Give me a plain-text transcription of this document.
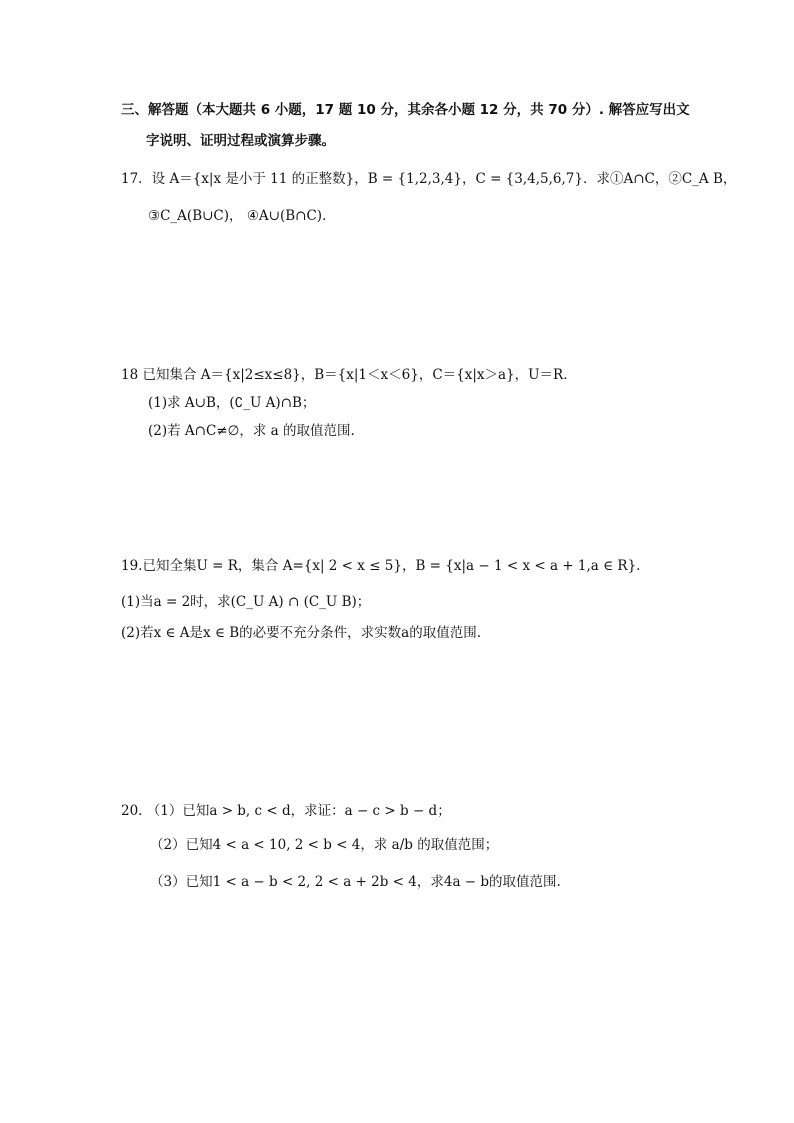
三、解答题（本大题共 6 小题，17 题 10 分，其余各小题 12 分，共 70 分）. 解答应写出文
字说明、证明过程或演算步骤。
17．设 A＝{x|x 是小于 11 的正整数}，B = {1,2,3,4}，C = {3,4,5,6,7}．求①A∩C，②C_A B，
③C_A(B∪C)， ④A∪(B∩C).
18 已知集合 A＝{x|2≤x≤8}，B＝{x|1＜x＜6}，C＝{x|x＞a}，U＝R.
(1)求 A∪B，(∁_U A)∩B；
(2)若 A∩C≠∅，求 a 的取值范围.
19.已知全集U = R，集合 A={x| 2 < x ≤ 5}，B = {x|a − 1 < x < a + 1,a ∈ R}.
(1)当a = 2时，求(C_U A) ∩ (C_U B)；
(2)若x ∈ A是x ∈ B的必要不充分条件，求实数a的取值范围.
20. （1）已知a > b, c < d，求证：a − c > b − d；
（2）已知4 < a < 10, 2 < b < 4，求 a/b 的取值范围；
（3）已知1 < a − b < 2, 2 < a + 2b < 4，求4a − b的取值范围.
